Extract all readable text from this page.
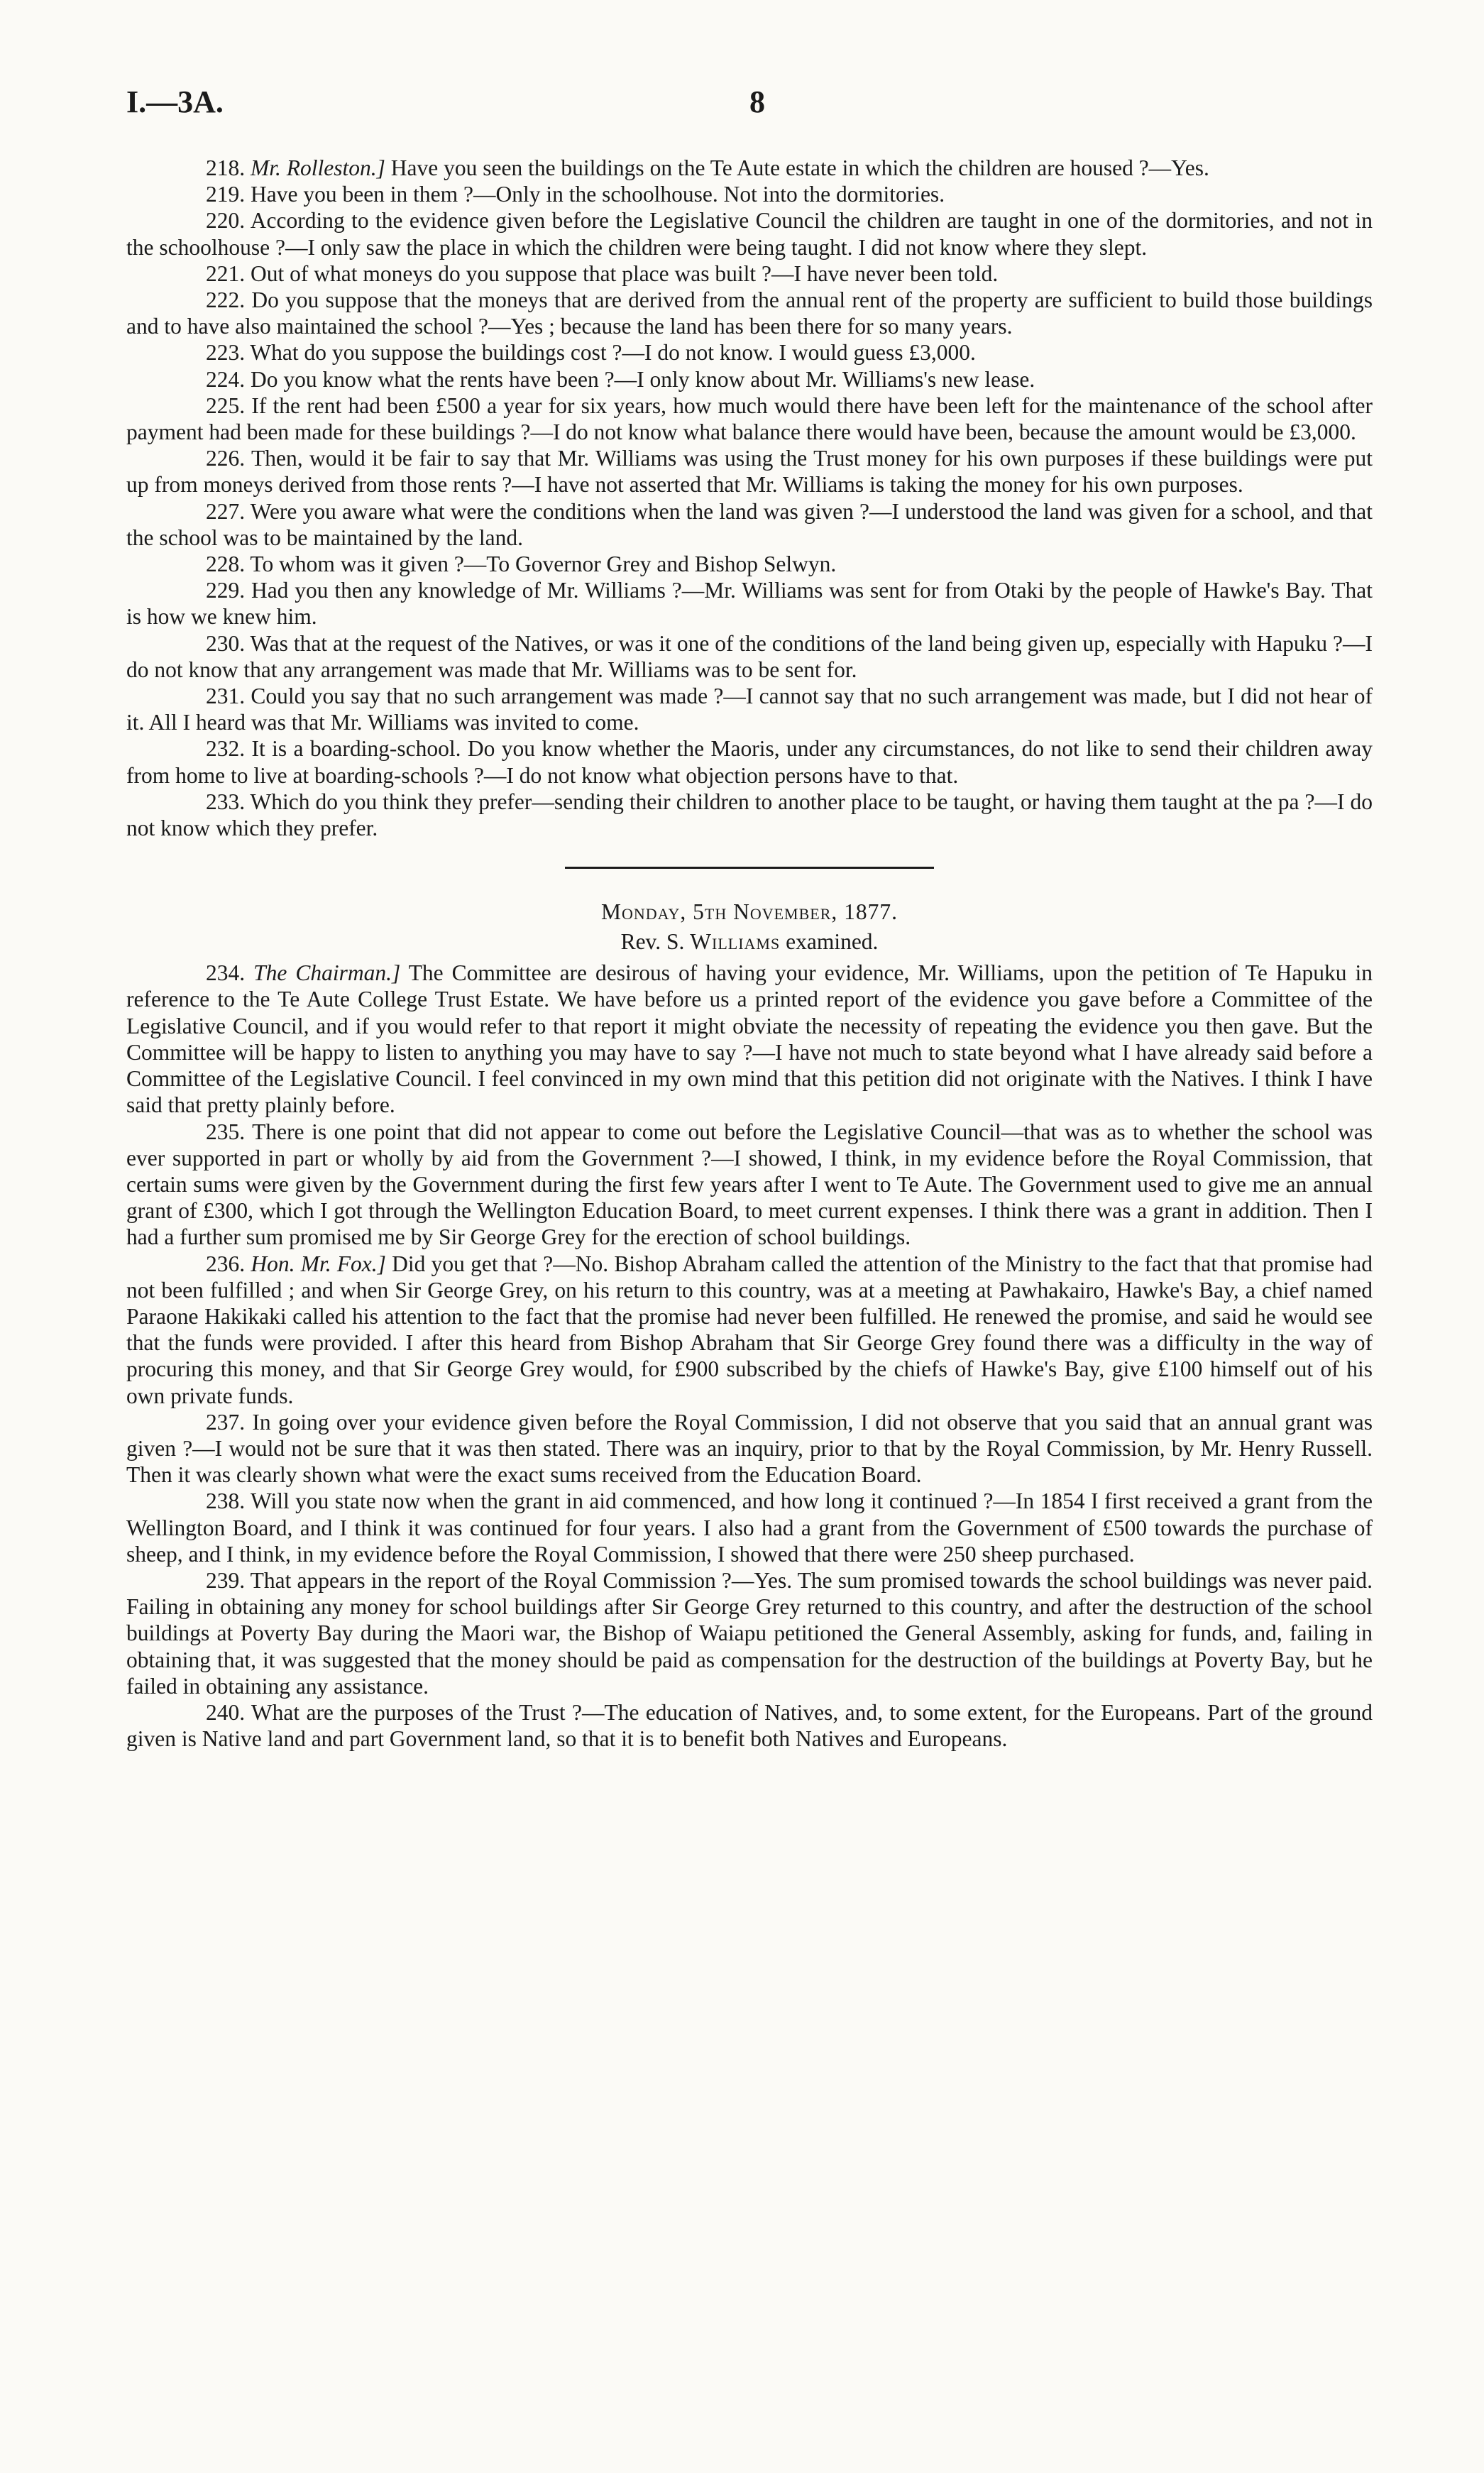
I.—3A.	8

218. Mr. Rolleston.] Have you seen the buildings on the Te Aute estate in which the children are housed ?—Yes.

219. Have you been in them ?—Only in the schoolhouse. Not into the dormitories.

220. According to the evidence given before the Legislative Council the children are taught in one of the dormitories, and not in the schoolhouse ?—I only saw the place in which the children were being taught. I did not know where they slept.

221. Out of what moneys do you suppose that place was built ?—I have never been told.

222. Do you suppose that the moneys that are derived from the annual rent of the property are sufficient to build those buildings and to have also maintained the school ?—Yes ; because the land has been there for so many years.

223. What do you suppose the buildings cost ?—I do not know. I would guess £3,000.

224. Do you know what the rents have been ?—I only know about Mr. Williams's new lease.

225. If the rent had been £500 a year for six years, how much would there have been left for the maintenance of the school after payment had been made for these buildings ?—I do not know what balance there would have been, because the amount would be £3,000.

226. Then, would it be fair to say that Mr. Williams was using the Trust money for his own purposes if these buildings were put up from moneys derived from those rents ?—I have not asserted that Mr. Williams is taking the money for his own purposes.

227. Were you aware what were the conditions when the land was given ?—I understood the land was given for a school, and that the school was to be maintained by the land.

228. To whom was it given ?—To Governor Grey and Bishop Selwyn.

229. Had you then any knowledge of Mr. Williams ?—Mr. Williams was sent for from Otaki by the people of Hawke's Bay. That is how we knew him.

230. Was that at the request of the Natives, or was it one of the conditions of the land being given up, especially with Hapuku ?—I do not know that any arrangement was made that Mr. Williams was to be sent for.

231. Could you say that no such arrangement was made ?—I cannot say that no such arrangement was made, but I did not hear of it. All I heard was that Mr. Williams was invited to come.

232. It is a boarding-school. Do you know whether the Maoris, under any circumstances, do not like to send their children away from home to live at boarding-schools ?—I do not know what objection persons have to that.

233. Which do you think they prefer—sending their children to another place to be taught, or having them taught at the pa ?—I do not know which they prefer.

Monday, 5th November, 1877.

Rev. S. Williams examined.

234. The Chairman.] The Committee are desirous of having your evidence, Mr. Williams, upon the petition of Te Hapuku in reference to the Te Aute College Trust Estate. We have before us a printed report of the evidence you gave before a Committee of the Legislative Council, and if you would refer to that report it might obviate the necessity of repeating the evidence you then gave. But the Committee will be happy to listen to anything you may have to say ?—I have not much to state beyond what I have already said before a Committee of the Legislative Council. I feel convinced in my own mind that this petition did not originate with the Natives. I think I have said that pretty plainly before.

235. There is one point that did not appear to come out before the Legislative Council—that was as to whether the school was ever supported in part or wholly by aid from the Government ?—I showed, I think, in my evidence before the Royal Commission, that certain sums were given by the Government during the first few years after I went to Te Aute. The Government used to give me an annual grant of £300, which I got through the Wellington Education Board, to meet current expenses. I think there was a grant in addition. Then I had a further sum promised me by Sir George Grey for the erection of school buildings.

236. Hon. Mr. Fox.] Did you get that ?—No. Bishop Abraham called the attention of the Ministry to the fact that that promise had not been fulfilled ; and when Sir George Grey, on his return to this country, was at a meeting at Pawhakairo, Hawke's Bay, a chief named Paraone Hakikaki called his attention to the fact that the promise had never been fulfilled. He renewed the promise, and said he would see that the funds were provided. I after this heard from Bishop Abraham that Sir George Grey found there was a difficulty in the way of procuring this money, and that Sir George Grey would, for £900 subscribed by the chiefs of Hawke's Bay, give £100 himself out of his own private funds.

237. In going over your evidence given before the Royal Commission, I did not observe that you said that an annual grant was given ?—I would not be sure that it was then stated. There was an inquiry, prior to that by the Royal Commission, by Mr. Henry Russell. Then it was clearly shown what were the exact sums received from the Education Board.

238. Will you state now when the grant in aid commenced, and how long it continued ?—In 1854 I first received a grant from the Wellington Board, and I think it was continued for four years. I also had a grant from the Government of £500 towards the purchase of sheep, and I think, in my evidence before the Royal Commission, I showed that there were 250 sheep purchased.

239. That appears in the report of the Royal Commission ?—Yes. The sum promised towards the school buildings was never paid. Failing in obtaining any money for school buildings after Sir George Grey returned to this country, and after the destruction of the school buildings at Poverty Bay during the Maori war, the Bishop of Waiapu petitioned the General Assembly, asking for funds, and, failing in obtaining that, it was suggested that the money should be paid as compensation for the destruction of the buildings at Poverty Bay, but he failed in obtaining any assistance.

240. What are the purposes of the Trust ?—The education of Natives, and, to some extent, for the Europeans. Part of the ground given is Native land and part Government land, so that it is to benefit both Natives and Europeans.
